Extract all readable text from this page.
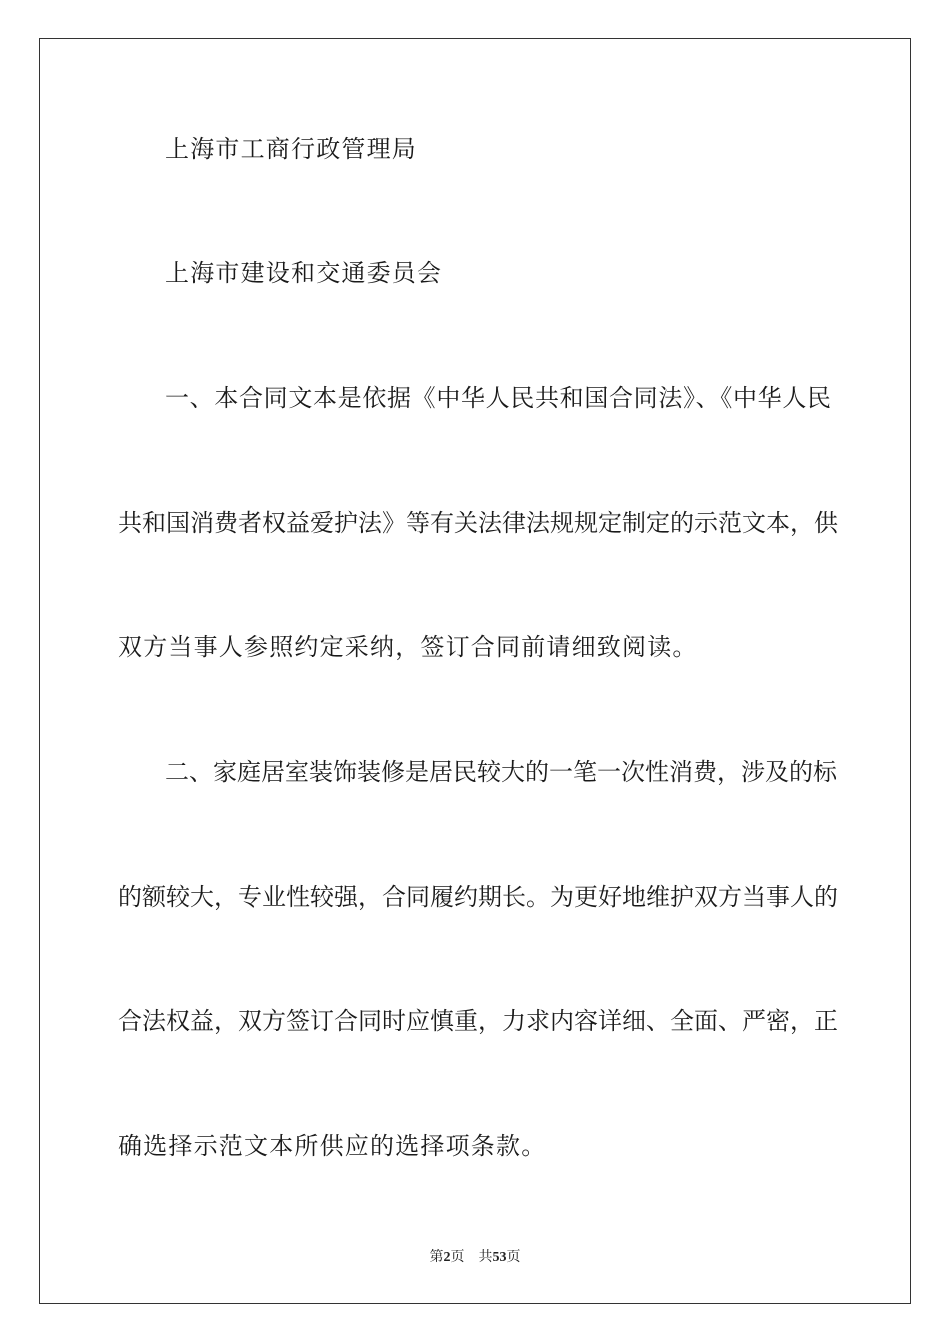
上海市工商行政管理局
上海市建设和交通委员会
一、本合同文本是依据《中华人民共和国合同法》、《中华人民
共和国消费者权益爱护法》等有关法律法规规定制定的示范文本，供
双方当事人参照约定采纳，签订合同前请细致阅读。
二、家庭居室装饰装修是居民较大的一笔一次性消费，涉及的标
的额较大，专业性较强，合同履约期长。为更好地维护双方当事人的
合法权益，双方签订合同时应慎重，力求内容详细、全面、严密，正
确选择示范文本所供应的选择项条款。
第2页 共53页
